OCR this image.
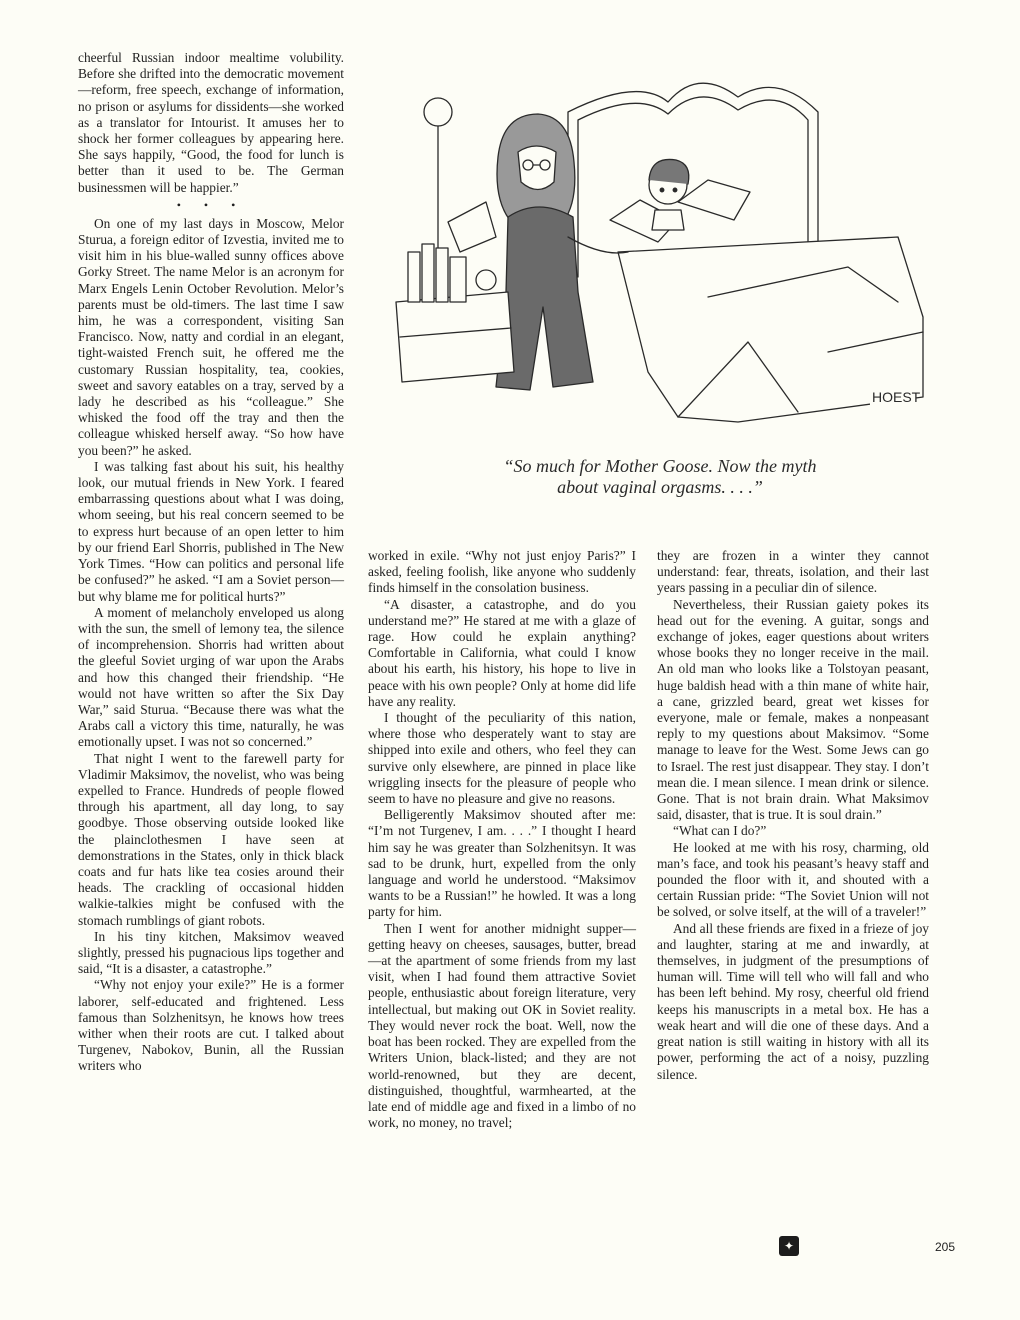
cheerful Russian indoor mealtime volubility. Before she drifted into the democratic movement—reform, free speech, exchange of information, no prison or asylums for dissidents—she worked as a translator for Intourist. It amuses her to shock her former colleagues by appearing here. She says happily, “Good, the food for lunch is better than it used to be. The German businessmen will be happier.”

• • •

On one of my last days in Moscow, Melor Sturua, a foreign editor of Izvestia, invited me to visit him in his blue-walled sunny offices above Gorky Street. The name Melor is an acronym for Marx Engels Lenin October Revolution. Melor’s parents must be old-timers. The last time I saw him, he was a correspondent, visiting San Francisco. Now, natty and cordial in an elegant, tight-waisted French suit, he offered me the customary Russian hospitality, tea, cookies, sweet and savory eatables on a tray, served by a lady he described as his “colleague.” She whisked the food off the tray and then the colleague whisked herself away. “So how have you been?” he asked.

I was talking fast about his suit, his healthy look, our mutual friends in New York. I feared embarrassing questions about what I was doing, whom seeing, but his real concern seemed to be to express hurt because of an open letter to him by our friend Earl Shorris, published in The New York Times. “How can politics and personal life be confused?” he asked. “I am a Soviet person—but why blame me for political hurts?”

A moment of melancholy enveloped us along with the sun, the smell of lemony tea, the silence of incomprehension. Shorris had written about the gleeful Soviet urging of war upon the Arabs and how this changed their friendship. “He would not have written so after the Six Day War,” said Sturua. “Because there was what the Arabs call a victory this time, naturally, he was emotionally upset. I was not so concerned.”

That night I went to the farewell party for Vladimir Maksimov, the novelist, who was being expelled to France. Hundreds of people flowed through his apartment, all day long, to say goodbye. Those observing outside looked like the plainclothesmen I have seen at demonstrations in the States, only in thick black coats and fur hats like tea cosies around their heads. The crackling of occasional hidden walkie-talkies might be confused with the stomach rumblings of giant robots.

In his tiny kitchen, Maksimov weaved slightly, pressed his pugnacious lips together and said, “It is a disaster, a catastrophe.”

“Why not enjoy your exile?” He is a former laborer, self-educated and frightened. Less famous than Solzhenitsyn, he knows how trees wither when their roots are cut. I talked about Turgenev, Nabokov, Bunin, all the Russian writers who

HOEST
“So much for Mother Goose. Now the myth
about vaginal orgasms. . . .”

worked in exile. “Why not just enjoy Paris?” I asked, feeling foolish, like anyone who suddenly finds himself in the consolation business.

“A disaster, a catastrophe, and do you understand me?” He stared at me with a glaze of rage. How could he explain anything? Comfortable in California, what could I know about his earth, his history, his hope to live in peace with his own people? Only at home did life have any reality.

I thought of the peculiarity of this nation, where those who desperately want to stay are shipped into exile and others, who feel they can survive only elsewhere, are pinned in place like wriggling insects for the pleasure of people who seem to have no pleasure and give no reasons.

Belligerently Maksimov shouted after me: “I’m not Turgenev, I am. . . .” I thought I heard him say he was greater than Solzhenitsyn. It was sad to be drunk, hurt, expelled from the only language and world he understood. “Maksimov wants to be a Russian!” he howled. It was a long party for him.

Then I went for another midnight supper—getting heavy on cheeses, sausages, butter, bread—at the apartment of some friends from my last visit, when I had found them attractive Soviet people, enthusiastic about foreign literature, very intellectual, but making out OK in Soviet reality. They would never rock the boat. Well, now the boat has been rocked. They are expelled from the Writers Union, black-listed; and they are not world-renowned, but they are decent, distinguished, thoughtful, warmhearted, at the late end of middle age and fixed in a limbo of no work, no money, no travel;

they are frozen in a winter they cannot understand: fear, threats, isolation, and their last years passing in a peculiar din of silence.

Nevertheless, their Russian gaiety pokes its head out for the evening. A guitar, songs and exchange of jokes, eager questions about writers whose books they no longer receive in the mail. An old man who looks like a Tolstoyan peasant, huge baldish head with a thin mane of white hair, a cane, grizzled beard, great wet kisses for everyone, male or female, makes a nonpeasant reply to my questions about Maksimov. “Some manage to leave for the West. Some Jews can go to Israel. The rest just disappear. They stay. I don’t mean die. I mean silence. I mean drink or silence. Gone. That is not brain drain. What Maksimov said, disaster, that is true. It is soul drain.”

“What can I do?”

He looked at me with his rosy, charming, old man’s face, and took his peasant’s heavy staff and pounded the floor with it, and shouted with a certain Russian pride: “The Soviet Union will not be solved, or solve itself, at the will of a traveler!”

And all these friends are fixed in a frieze of joy and laughter, staring at me and inwardly, at themselves, in judgment of the presumptions of human will. Time will tell who will fall and who has been left behind. My rosy, cheerful old friend keeps his manuscripts in a metal box. He has a weak heart and will die one of these days. And a great nation is still waiting in history with all its power, performing the act of a noisy, puzzling silence.

✦	205
